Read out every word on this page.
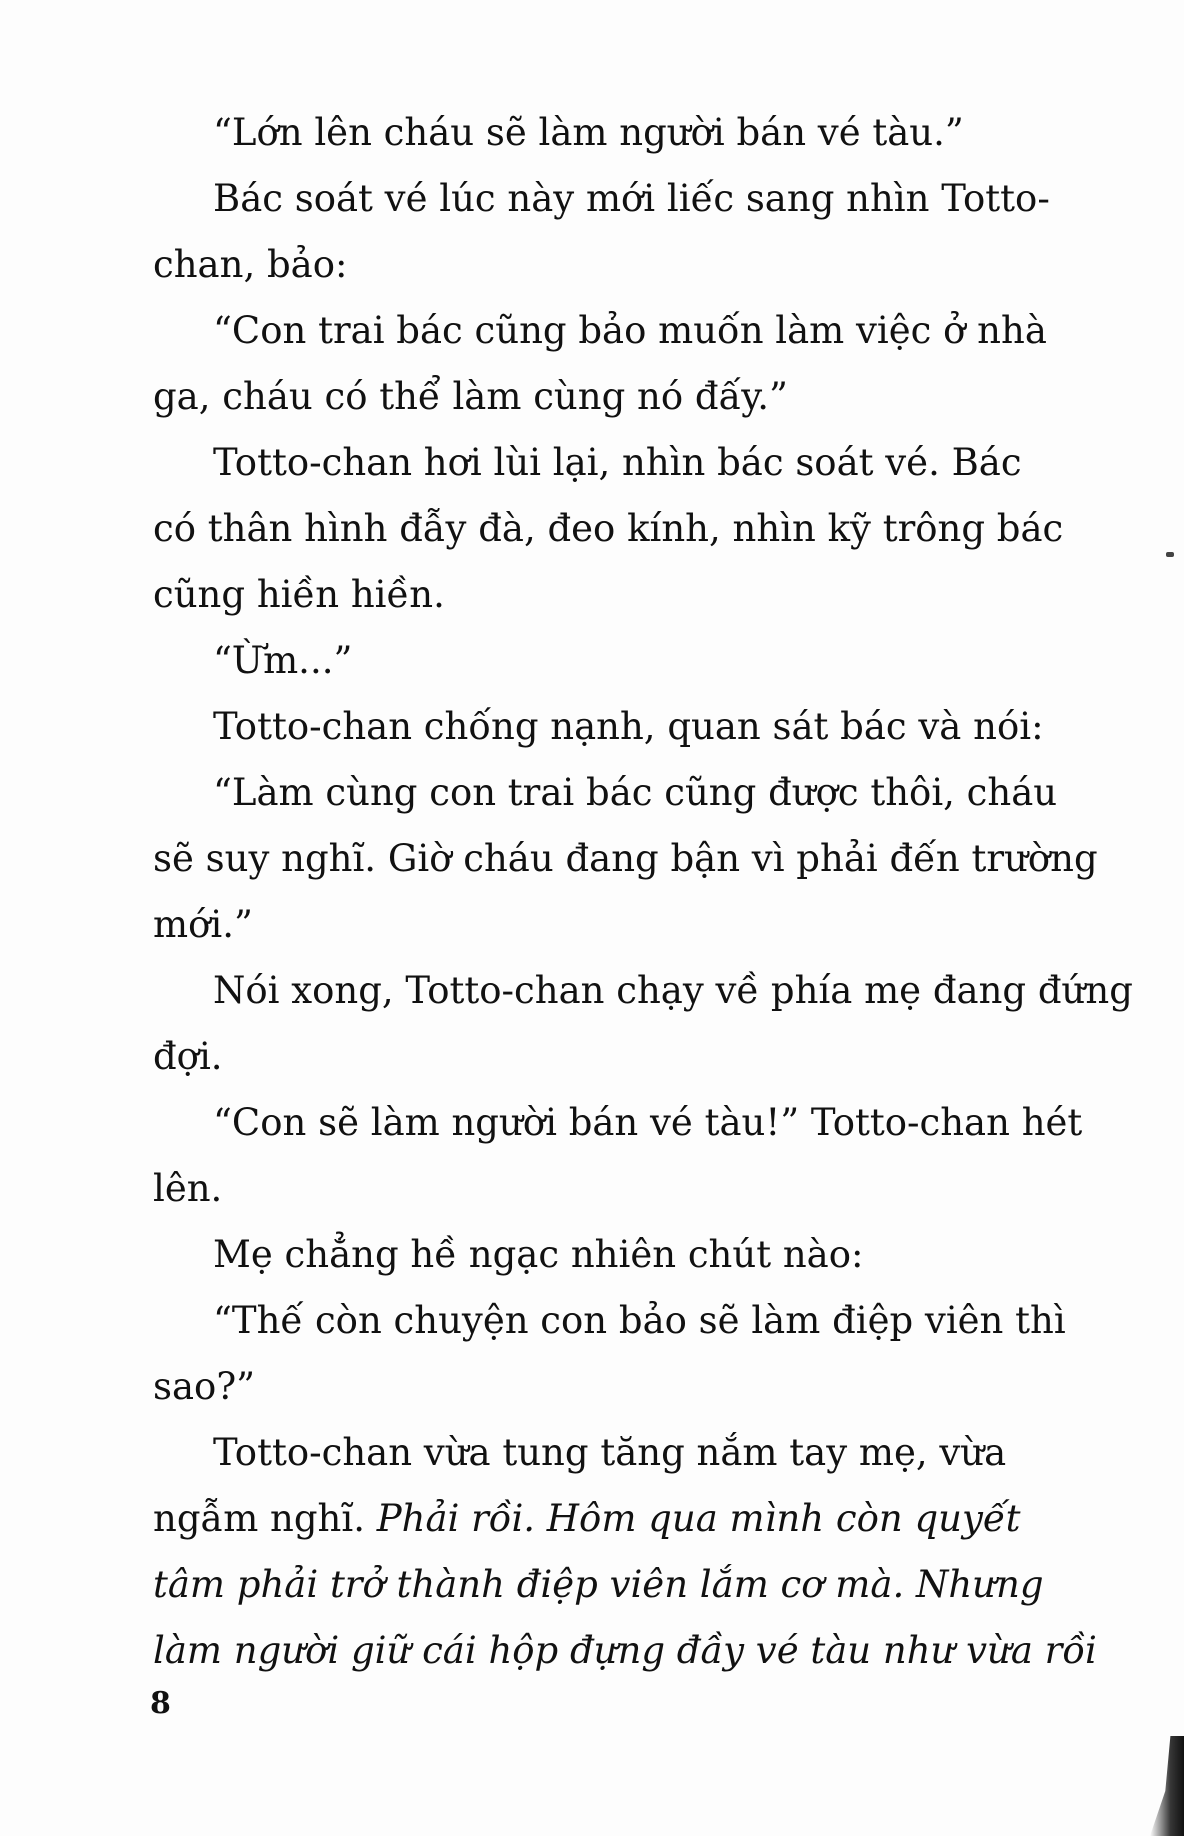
“Lớn lên cháu sẽ làm người bán vé tàu.”
Bác soát vé lúc này mới liếc sang nhìn Totto-
chan, bảo:
“Con trai bác cũng bảo muốn làm việc ở nhà
ga, cháu có thể làm cùng nó đấy.”
Totto-chan hơi lùi lại, nhìn bác soát vé. Bác
có thân hình đẫy đà, đeo kính, nhìn kỹ trông bác
cũng hiền hiền.
“Ừm...”
Totto-chan chống nạnh, quan sát bác và nói:
“Làm cùng con trai bác cũng được thôi, cháu
sẽ suy nghĩ. Giờ cháu đang bận vì phải đến trường
mới.”
Nói xong, Totto-chan chạy về phía mẹ đang đứng
đợi.
“Con sẽ làm người bán vé tàu!” Totto-chan hét
lên.
Mẹ chẳng hề ngạc nhiên chút nào:
“Thế còn chuyện con bảo sẽ làm điệp viên thì
sao?”
Totto-chan vừa tung tăng nắm tay mẹ, vừa
ngẫm nghĩ. Phải rồi. Hôm qua mình còn quyết
tâm phải trở thành điệp viên lắm cơ mà. Nhưng
làm người giữ cái hộp đựng đầy vé tàu như vừa rồi
8
